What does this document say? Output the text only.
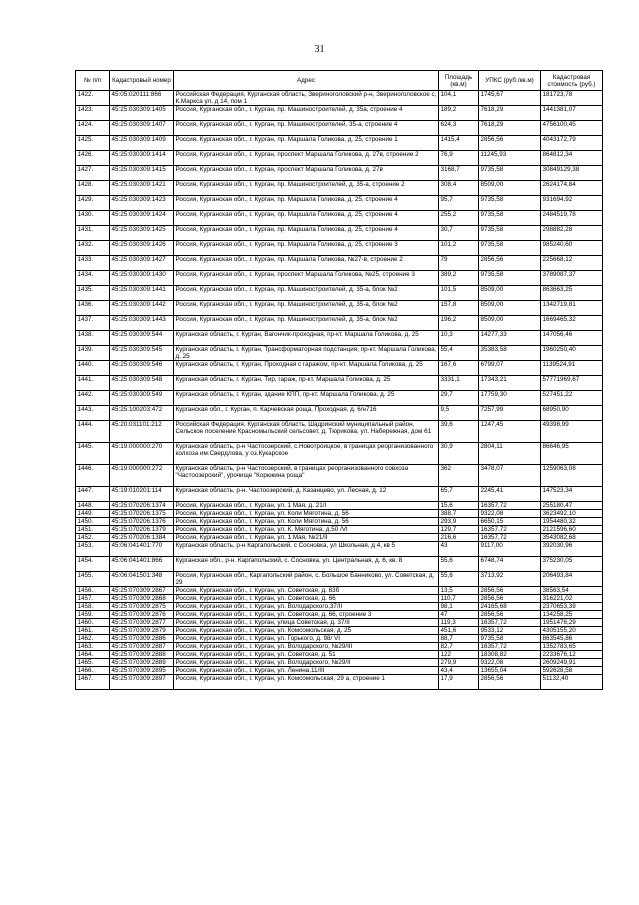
31
№ п/п	Кадастровый номер	Адрес	Площадь (кв.м)	УПКС (руб./кв.м)	Кадастровая стоимость (руб.)
1422.	45:05:020111:866	Российская Федерация, Курганская область, Звериноголовский р-н, Звериноголовское с, К.Маркса ул, д 14, пом 1	104,1	1745,67	181723,78
1423.	45:25:030309:1405	Россия, Курганская обл., г. Курган, пр. Машиностроителей, д. 35а, строение 4	189,2	7618,29	1441381,07
1424.	45:25:030309:1407	Россия, Курганская обл., г. Курган, пр. Машиностроителей, 35-а, строение 4	624,3	7618,29	4756100,45
1425.	45:25:030309:1409	Россия, Курганская обл., г. Курган, пр. Маршала Голикова, д. 25, строение 1	1415,4	2856,56	4043172,79
1426.	45:25:030309:1414	Россия, Курганская обл., г. Курган, проспект Маршала Голикова, д. 27в, строение 2	76,9	11245,93	864812,34
1427.	45:25:030309:1415	Россия, Курганская обл., г. Курган, проспект Маршала Голикова, д. 27в	3168,7	9735,58	30849129,38
1428.	45:25:030309:1421	Россия, Курганская обл., г. Курган, пр. Машиностроителей, д. 35-а, строение 2	308,4	8509,00	2624174,84
1429.	45:25:030309:1423	Россия, Курганская обл., г. Курган, пр. Маршала Голикова, д. 25, строение 4	95,7	9735,58	931694,92
1430.	45:25:030309:1424	Россия, Курганская обл., г. Курган, пр. Маршала Голикова, д. 25, строение 4	255,2	9735,58	2484519,78
1431.	45:25:030309:1425	Россия, Курганская обл., г. Курган, пр. Маршала Голикова, д. 25, строение 4	30,7	9735,58	298882,28
1432.	45:25:030309:1426	Россия, Курганская обл., г. Курган, пр. Маршала Голикова, д. 25, строение 3	101,2	9735,58	985240,60
1433.	45:25:030309:1427	Россия, Курганская обл., г. Курган, пр. Маршала Голикова, №27-в, строение 2	79	2856,56	225668,12
1434.	45:25:030309:1430	Россия, Курганская обл., г. Курган, проспект Маршала Голикова, №25, строение 3	389,2	9735,58	3789087,37
1435.	45:25:030309:1441	Россия, Курганская обл., г. Курган, пр. Машиностроителей, д. 35-а, блок №2	101,5	8509,00	863663,25
1436.	45:25:030309:1442	Россия, Курганская обл., г. Курган, пр. Машиностроителей, д. 35-а, блок №2	157,8	8509,00	1342719,81
1437.	45:25:030309:1443	Россия, Курганская обл., г. Курган, пр. Машиностроителей, д. 35-а, блок №2	196,2	8509,00	1669465,32
1438.	45:25:030309:544	Курганская область, г. Курган, Вагончик-проходная, пр-кт. Маршала Голикова, д. 25	10,3	14277,33	147056,46
1439.	45:25:030309:545	Курганская область, г. Курган, Трансформаторная подстанция, пр-кт. Маршала Голикова, д. 25	55,4	35383,58	1960250,40
1440.	45:25:030309:546	Курганская область, г. Курган, Проходная с гаражом, пр-кт. Маршала Голикова, д. 25	167,6	6799,07	1139524,91
1441.	45:25:030309:548	Курганская область, г. Курган, Тир, гараж, пр-кт. Маршала Голикова, д. 25	3331,1	17343,21	57771969,67
1442.	45:25:030309:549	Курганская область, г. Курган, здание КПП, пр-кт. Маршала Голикова, д. 25	29,7	17759,30	527451,22
1443.	45:25:100203:472	Курганская обл., г. Курган, п. Карчевская роща, Проходная, д. 6/н716	9,5	7257,99	68950,90
1444.	45:20:031101:212	Российская Федерация, Курганская область, Шадринский муниципальный район, Сельское поселение Красномыльский сельсовет, д. Тюрикова, ул. Набережная, дом 61	39,6	1247,45	49398,99
1445.	45:19:000000:270	Курганская область, р-н Частоозерский, с.Новотроицкое, в границах реорганизованного колхоза им.Свердлова, у оз.Кукарское	30,9	2804,11	86646,95
1446.	45:19:000000:272	Курганская область, р-н Частоозерский, в границах реорганизованного совхоза "Частоозерский", урочище "Корюкина роща"	362	3478,07	1259063,08
1447.	45:19:010201:114	Курганская область, р-н. Частоозерский, д. Казанцево, ул. Лесная, д. 12	65,7	2245,41	147523,34
1448.	45:25:070206:1374	Россия, Курганская обл., г. Курган, ул. 1 Мая, д. 21/I	15,6	16357,72	255180,47
1449.	45:25:070206:1375	Россия, Курганская обл., г. Курган, ул. Коли Мяготина, д. 56	388,7	9322,08	3623492,10
1450.	45:25:070206:1376	Россия, Курганская обл., г. Курган, ул. Коли Мяготина, д. 56	293,9	6650,15	1954480,32
1451.	45:25:070206:1379	Россия, Курганская обл., г. Курган, ул. К. Мяготина, д.50 /VI	129,7	16357,72	2121596,60
1452.	45:25:070206:1384	Россия, Курганская обл., г. Курган, ул. 1 Мая, №21/II	216,6	16357,72	3543082,68
1453.	45:06:041401:770	Курганская область, р-н Каргапольский, с Сосновка, ул Школьная, д 4, кв 5	43	9117,00	392030,96
1454.	45:06:041401:866	Курганская обл., р-н. Каргапольский, с. Сосновка, ул. Центральная, д. 6, кв. 8	55,6	6748,74	375230,05
1455.	45:06:041501:348	Россия, Курганская обл., Каргапольский район, с. Большое Банниково, ул. Советская, д. 29	55,6	3713,92	206493,84
1456.	45:25:070309:2867	Россия, Курганская обл., г. Курган, ул. Советская, д. 83б	13,5	2856,56	38563,54
1457.	45:25:070309:2868	Россия, Курганская обл., г. Курган, ул. Советская, д. 66	110,7	2856,56	316221,02
1458.	45:25:070309:2875	Россия, Курганская обл., г. Курган, ул. Володарского,37/II	98,1	24165,68	2370653,39
1459.	45:25:070309:2876	Россия, Курганская обл., г. Курган, ул. Советская, д. 66, строение 3	47	2856,56	134258,25
1460.	45:25:070309:2877	Россия, Курганская обл., г. Курган, улица Советская, д. 37/II	119,3	16357,72	1951476,29
1461.	45:25:070309:2879	Россия, Курганская обл., г. Курган, ул. Комсомольская, д. 25	451,6	9533,12	4305155,20
1462.	45:25:070309:2886	Россия, Курганская обл., г. Курган, ул. Горького, д. 98/ VI	88,7	9735,58	863545,86
1463.	45:25:070309:2887	Россия, Курганская обл., г. Курган, ул. Володарского, №29/III	82,7	16357,72	1352783,65
1464.	45:25:070309:2888	Россия, Курганская обл., г. Курган, ул. Советская, д. 51	122	18308,82	2233676,12
1465.	45:25:070309:2889	Россия, Курганская обл., г. Курган, ул. Володарского, №29/II	279,9	9322,08	2609249,91
1466.	45:25:070309:2895	Россия, Курганская обл., г. Курган, ул. Ленина,11/III	43,4	13655,04	592628,58
1467.	45:25:070309:2897	Россия, Курганская обл., г. Курган, ул. Комсомольская, 29 а, строение 1	17,9	2856,56	51132,40
